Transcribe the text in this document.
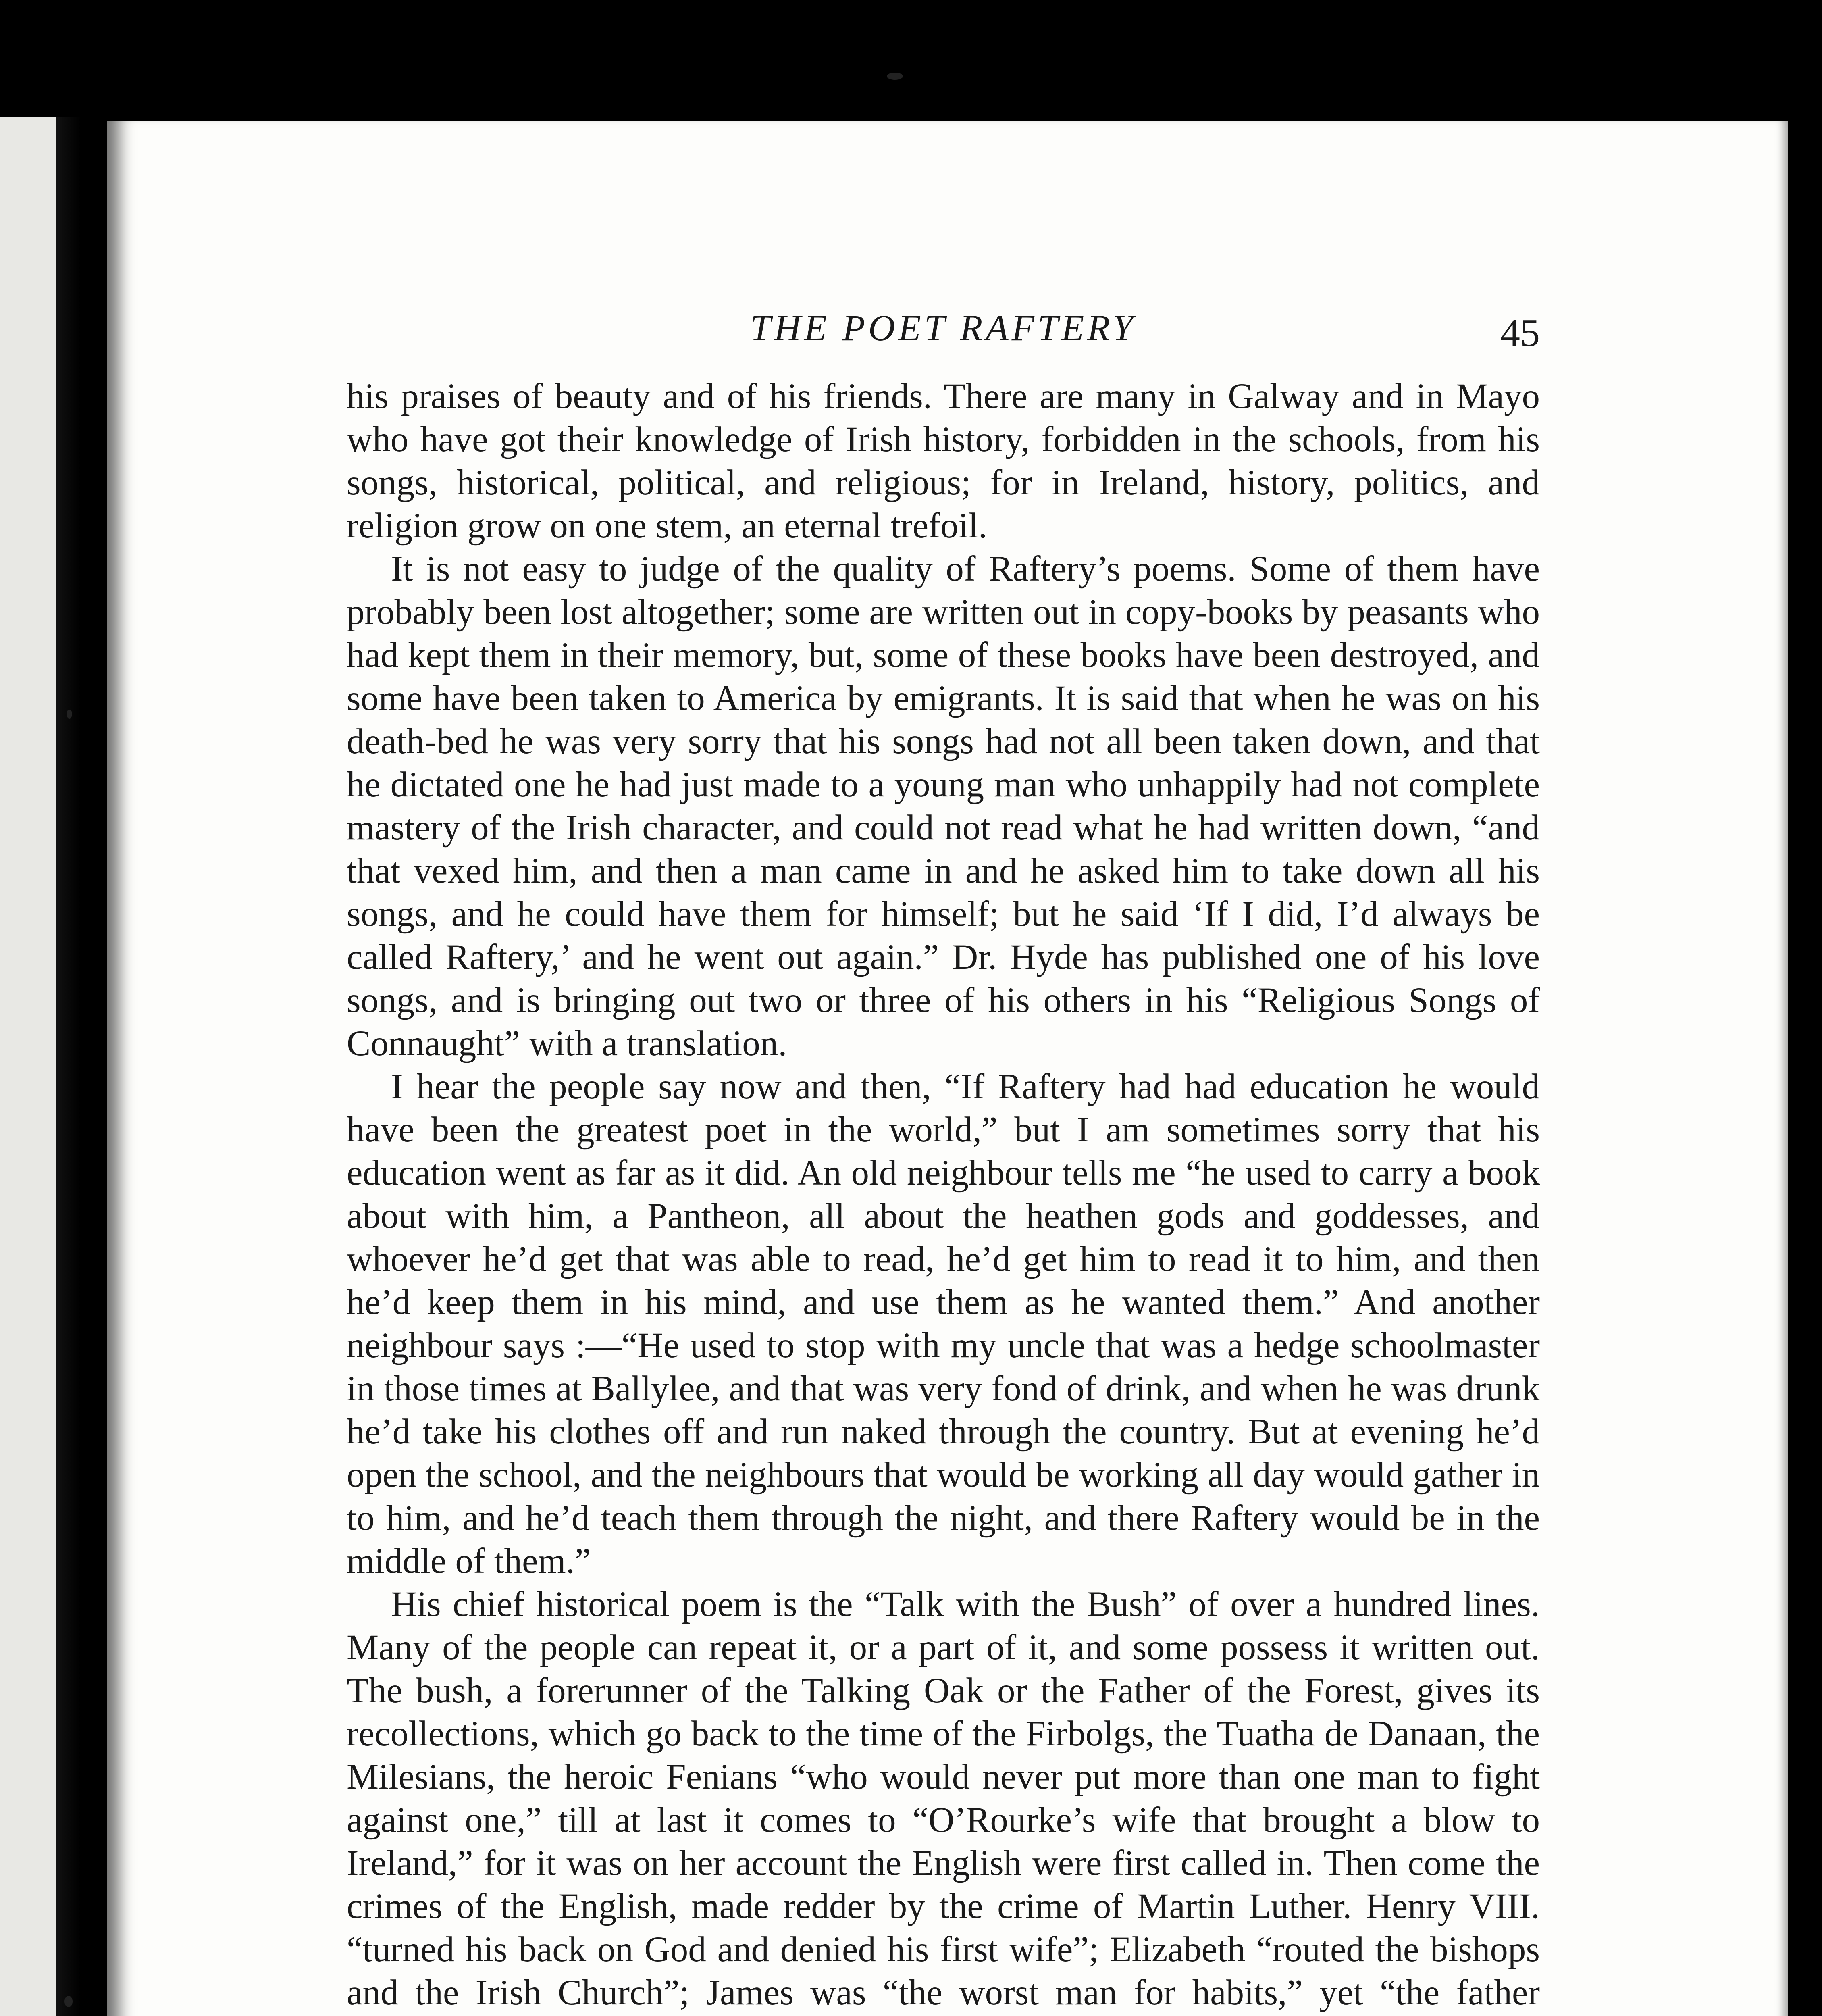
THE POET RAFTERY	45

his praises of beauty and of his friends. There are many in Galway and in Mayo who have got their knowledge of Irish history, forbidden in the schools, from his songs, historical, political, and religious; for in Ireland, history, politics, and religion grow on one stem, an eternal trefoil.

It is not easy to judge of the quality of Raftery’s poems. Some of them have probably been lost altogether; some are written out in copy-books by peasants who had kept them in their memory, but, some of these books have been destroyed, and some have been taken to America by emigrants. It is said that when he was on his death-bed he was very sorry that his songs had not all been taken down, and that he dictated one he had just made to a young man who unhappily had not complete mastery of the Irish character, and could not read what he had written down, “and that vexed him, and then a man came in and he asked him to take down all his songs, and he could have them for himself; but he said ‘If I did, I’d always be called Raftery,’ and he went out again.” Dr. Hyde has published one of his love songs, and is bringing out two or three of his others in his “Religious Songs of Connaught” with a translation.

I hear the people say now and then, “If Raftery had had education he would have been the greatest poet in the world,” but I am sometimes sorry that his education went as far as it did. An old neighbour tells me “he used to carry a book about with him, a Pantheon, all about the heathen gods and goddesses, and whoever he’d get that was able to read, he’d get him to read it to him, and then he’d keep them in his mind, and use them as he wanted them.” And another neighbour says :—“He used to stop with my uncle that was a hedge schoolmaster in those times at Ballylee, and that was very fond of drink, and when he was drunk he’d take his clothes off and run naked through the country. But at evening he’d open the school, and the neighbours that would be working all day would gather in to him, and he’d teach them through the night, and there Raftery would be in the middle of them.”

His chief historical poem is the “Talk with the Bush” of over a hundred lines. Many of the people can repeat it, or a part of it, and some possess it written out. The bush, a forerunner of the Talking Oak or the Father of the Forest, gives its recollections, which go back to the time of the Firbolgs, the Tuatha de Danaan, the Milesians, the heroic Fenians “who would never put more than one man to fight against one,” till at last it comes to “O’Rourke’s wife that brought a blow to Ireland,” for it was on her account the English were first called in. Then come the crimes of the English, made redder by the crime of Martin Luther. Henry VIII. “turned his back on God and denied his first wife”; Elizabeth “routed the bishops and the Irish Church”; James was “the worst man for habits,” yet “the father
